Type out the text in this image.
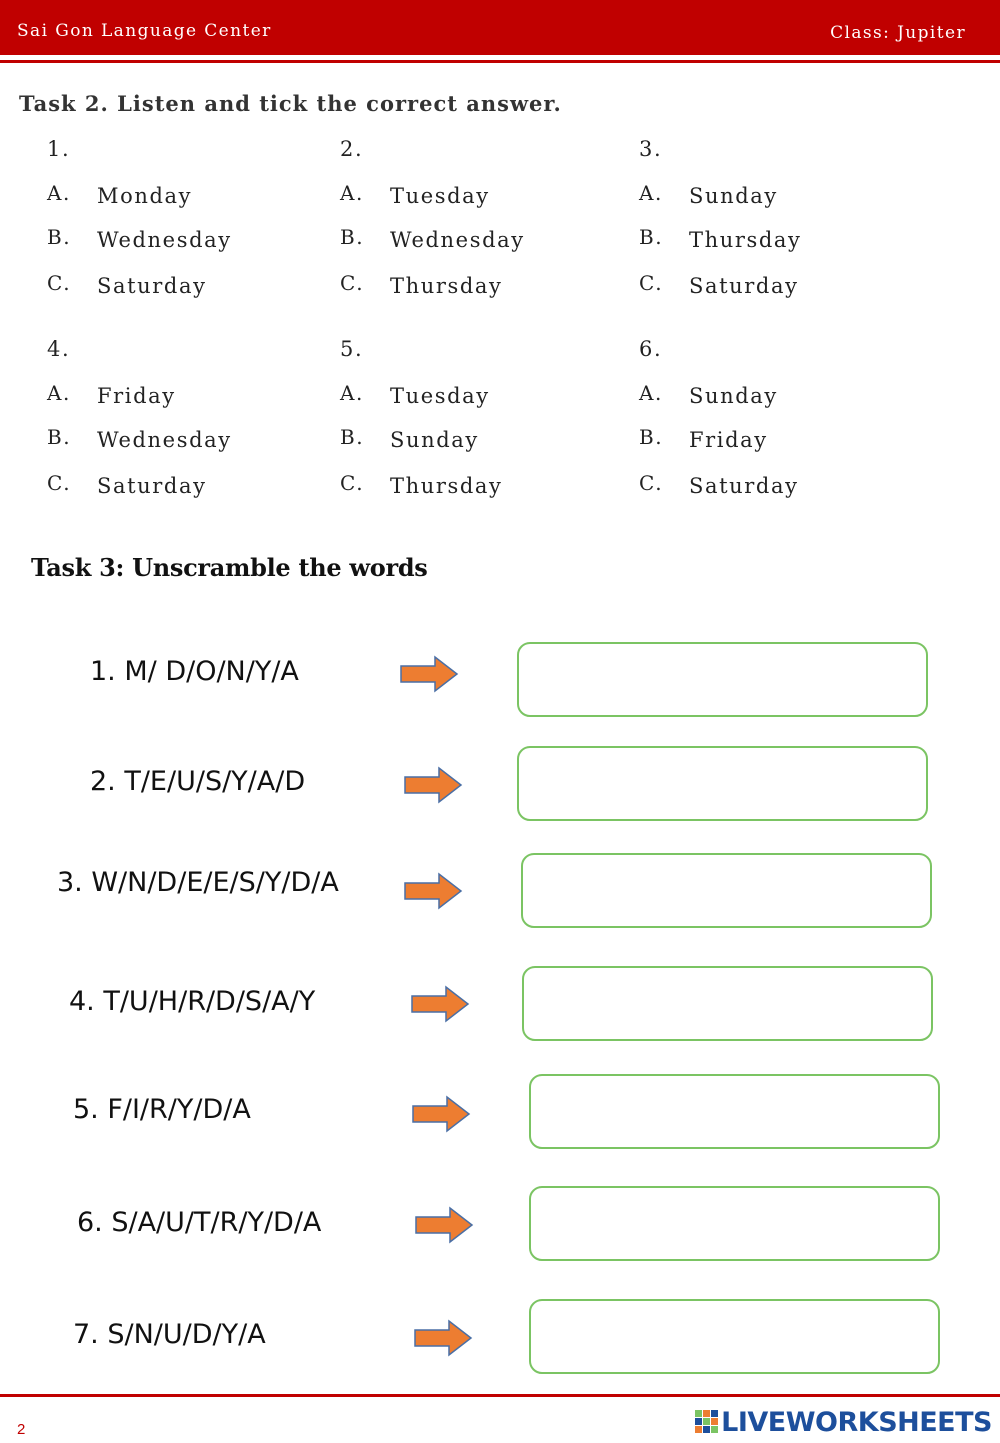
Sai Gon Language Center	Class: Jupiter
Task 2. Listen and tick the correct answer.
1.
A. Monday
B. Wednesday
C. Saturday
2.
A. Tuesday
B. Wednesday
C. Thursday
3.
A. Sunday
B. Thursday
C. Saturday
4.
A. Friday
B. Wednesday
C. Saturday
5.
A. Tuesday
B. Sunday
C. Thursday
6.
A. Sunday
B. Friday
C. Saturday
Task 3: Unscramble the words
1. M/ D/O/N/Y/A
2. T/E/U/S/Y/A/D
3. W/N/D/E/E/S/Y/D/A
4. T/U/H/R/D/S/A/Y
5. F/I/R/Y/D/A
6. S/A/U/T/R/Y/D/A
7. S/N/U/D/Y/A
2	LIVEWORKSHEETS
